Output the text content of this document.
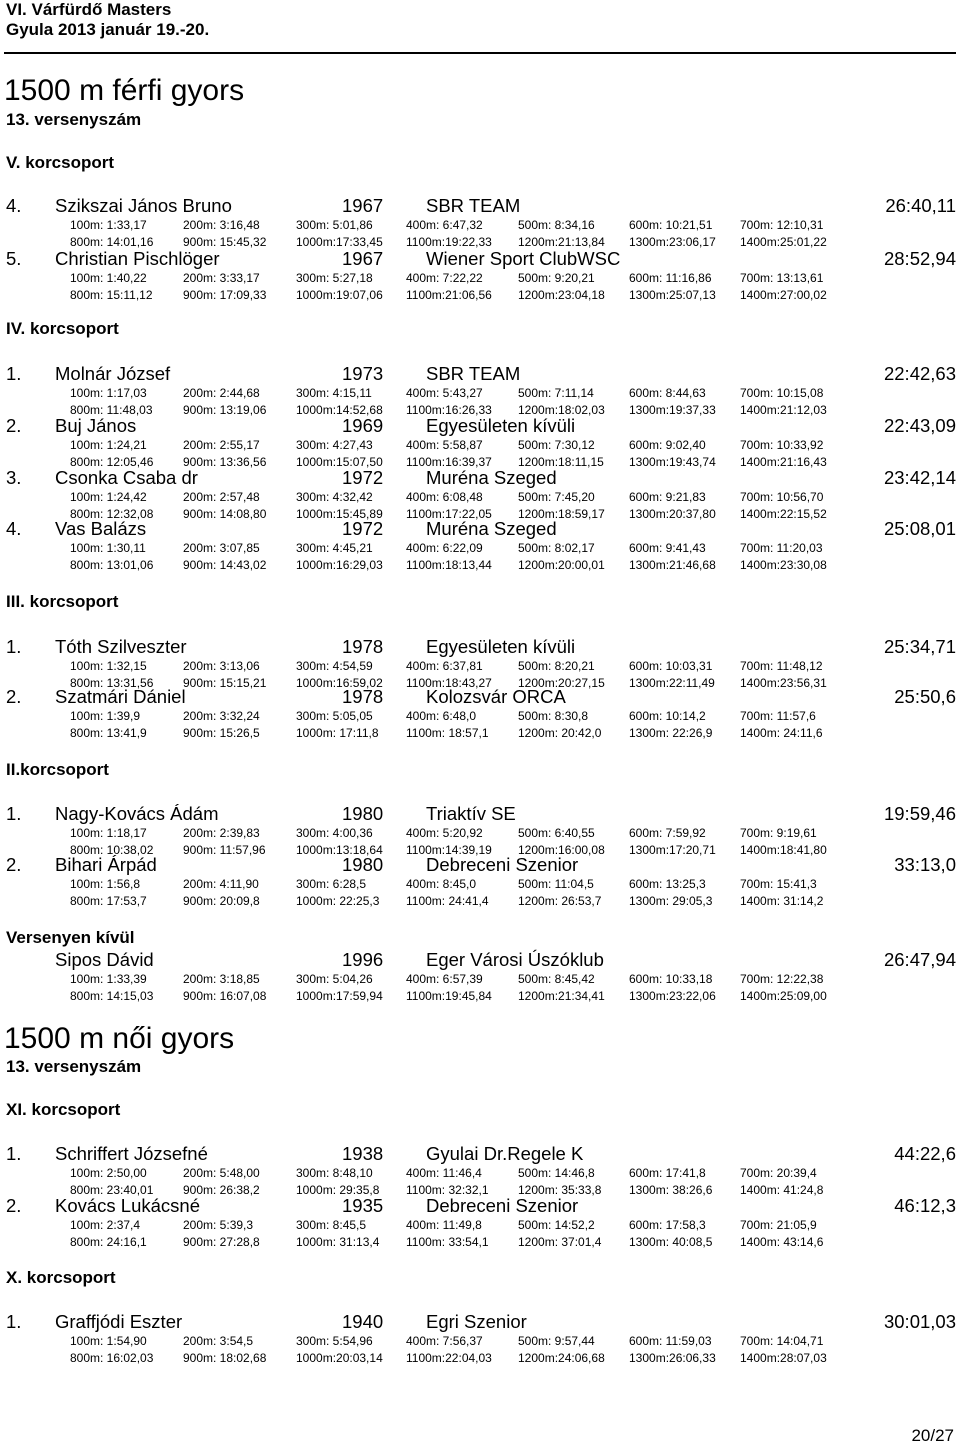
VI. Várfürdő Masters
Gyula 2013 január 19.-20.
1500 m férfi gyors
13. versenyszám
V. korcsoport
4. Szikszai János Bruno	1967 SBR TEAM	26:40,11
100m: 1:33,17	200m: 3:16,48	300m: 5:01,86	400m: 6:47,32	500m: 8:34,16	600m: 10:21,51 700m: 12:10,31
800m: 14:01,16 900m: 15:45,32 1000m:17:33,45 1100m:19:22,33 1200m:21:13,84 1300m:23:06,17 1400m:25:01,22
5. Christian Pischlöger	1967 Wiener Sport ClubWSC	28:52,94
100m: 1:40,22	200m: 3:33,17	300m: 5:27,18	400m: 7:22,22	500m: 9:20,21	600m: 11:16,86 700m: 13:13,61
800m: 15:11,12	900m: 17:09,33 1000m:19:07,06 1100m:21:06,56 1200m:23:04,18 1300m:25:07,13 1400m:27:00,02
IV. korcsoport
1. Molnár József	1973 SBR TEAM	22:42,63
100m: 1:17,03	200m: 2:44,68	300m: 4:15,11	400m: 5:43,27	500m: 7:11,14	600m: 8:44,63	700m: 10:15,08
800m: 11:48,03	900m: 13:19,06 1000m:14:52,68 1100m:16:26,33 1200m:18:02,03 1300m:19:37,33 1400m:21:12,03
2. Buj János	1969 Egyesületen kívüli	22:43,09
100m: 1:24,21	200m: 2:55,17	300m: 4:27,43	400m: 5:58,87	500m: 7:30,12	600m: 9:02,40	700m: 10:33,92
800m: 12:05,46 900m: 13:36,56 1000m:15:07,50 1100m:16:39,37 1200m:18:11,15 1300m:19:43,74 1400m:21:16,43
3. Csonka Csaba dr	1972 Muréna Szeged	23:42,14
100m: 1:24,42	200m: 2:57,48	300m: 4:32,42	400m: 6:08,48	500m: 7:45,20	600m: 9:21,83	700m: 10:56,70
800m: 12:32,08 900m: 14:08,80 1000m:15:45,89 1100m:17:22,05 1200m:18:59,17 1300m:20:37,80 1400m:22:15,52
4. Vas Balázs	1972 Muréna Szeged	25:08,01
100m: 1:30,11	200m: 3:07,85	300m: 4:45,21	400m: 6:22,09	500m: 8:02,17	600m: 9:41,43	700m: 11:20,03
800m: 13:01,06 900m: 14:43,02 1000m:16:29,03 1100m:18:13,44 1200m:20:00,01 1300m:21:46,68 1400m:23:30,08
III. korcsoport
1. Tóth Szilveszter	1978 Egyesületen kívüli	25:34,71
100m: 1:32,15	200m: 3:13,06	300m: 4:54,59	400m: 6:37,81	500m: 8:20,21	600m: 10:03,31 700m: 11:48,12
800m: 13:31,56 900m: 15:15,21 1000m:16:59,02 1100m:18:43,27 1200m:20:27,15 1300m:22:11,49 1400m:23:56,31
2. Szatmári Dániel	1978 Kolozsvár ORCA	25:50,6
100m: 1:39,9	200m: 3:32,24	300m: 5:05,05	400m: 6:48,0	500m: 8:30,8	600m: 10:14,2	700m: 11:57,6
800m: 13:41,9	900m: 15:26,5	1000m: 17:11,8 1100m: 18:57,1 1200m: 20:42,0 1300m: 22:26,9 1400m: 24:11,6
II.korcsoport
1. Nagy-Kovács Ádám	1980 Triaktív SE	19:59,46
100m: 1:18,17	200m: 2:39,83	300m: 4:00,36	400m: 5:20,92	500m: 6:40,55	600m: 7:59,92	700m: 9:19,61
800m: 10:38,02 900m: 11:57,96	1000m:13:18,64 1100m:14:39,19 1200m:16:00,08 1300m:17:20,71 1400m:18:41,80
2. Bihari Árpád	1980 Debreceni Szenior	33:13,0
100m: 1:56,8	200m: 4:11,90	300m: 6:28,5	400m: 8:45,0	500m: 11:04,5	600m: 13:25,3	700m: 15:41,3
800m: 17:53,7	900m: 20:09,8	1000m: 22:25,3 1100m: 24:41,4 1200m: 26:53,7 1300m: 29:05,3 1400m: 31:14,2
Versenyen kívül
Sipos Dávid	1996 Eger Városi Úszóklub	26:47,94
100m: 1:33,39	200m: 3:18,85	300m: 5:04,26	400m: 6:57,39	500m: 8:45,42	600m: 10:33,18 700m: 12:22,38
800m: 14:15,03 900m: 16:07,08 1000m:17:59,94 1100m:19:45,84 1200m:21:34,41 1300m:23:22,06 1400m:25:09,00
1500 m női gyors
13. versenyszám
XI. korcsoport
1. Schriffert Józsefné	1938 Gyulai Dr.Regele K	44:22,6
100m: 2:50,00	200m: 5:48,00	300m: 8:48,10	400m: 11:46,4	500m: 14:46,8	600m: 17:41,8	700m: 20:39,4
800m: 23:40,01 900m: 26:38,2	1000m: 29:35,8 1100m: 32:32,1 1200m: 35:33,8 1300m: 38:26,6 1400m: 41:24,8
2. Kovács Lukácsné	1935 Debreceni Szenior	46:12,3
100m: 2:37,4	200m: 5:39,3	300m: 8:45,5	400m: 11:49,8	500m: 14:52,2	600m: 17:58,3	700m: 21:05,9
800m: 24:16,1	900m: 27:28,8	1000m: 31:13,4 1100m: 33:54,1 1200m: 37:01,4 1300m: 40:08,5 1400m: 43:14,6
X. korcsoport
1. Graffjódi Eszter	1940 Egri Szenior	30:01,03
100m: 1:54,90	200m: 3:54,5	300m: 5:54,96	400m: 7:56,37	500m: 9:57,44	600m: 11:59,03 700m: 14:04,71
800m: 16:02,03 900m: 18:02,68 1000m:20:03,14 1100m:22:04,03 1200m:24:06,68 1300m:26:06,33 1400m:28:07,03
20/27
